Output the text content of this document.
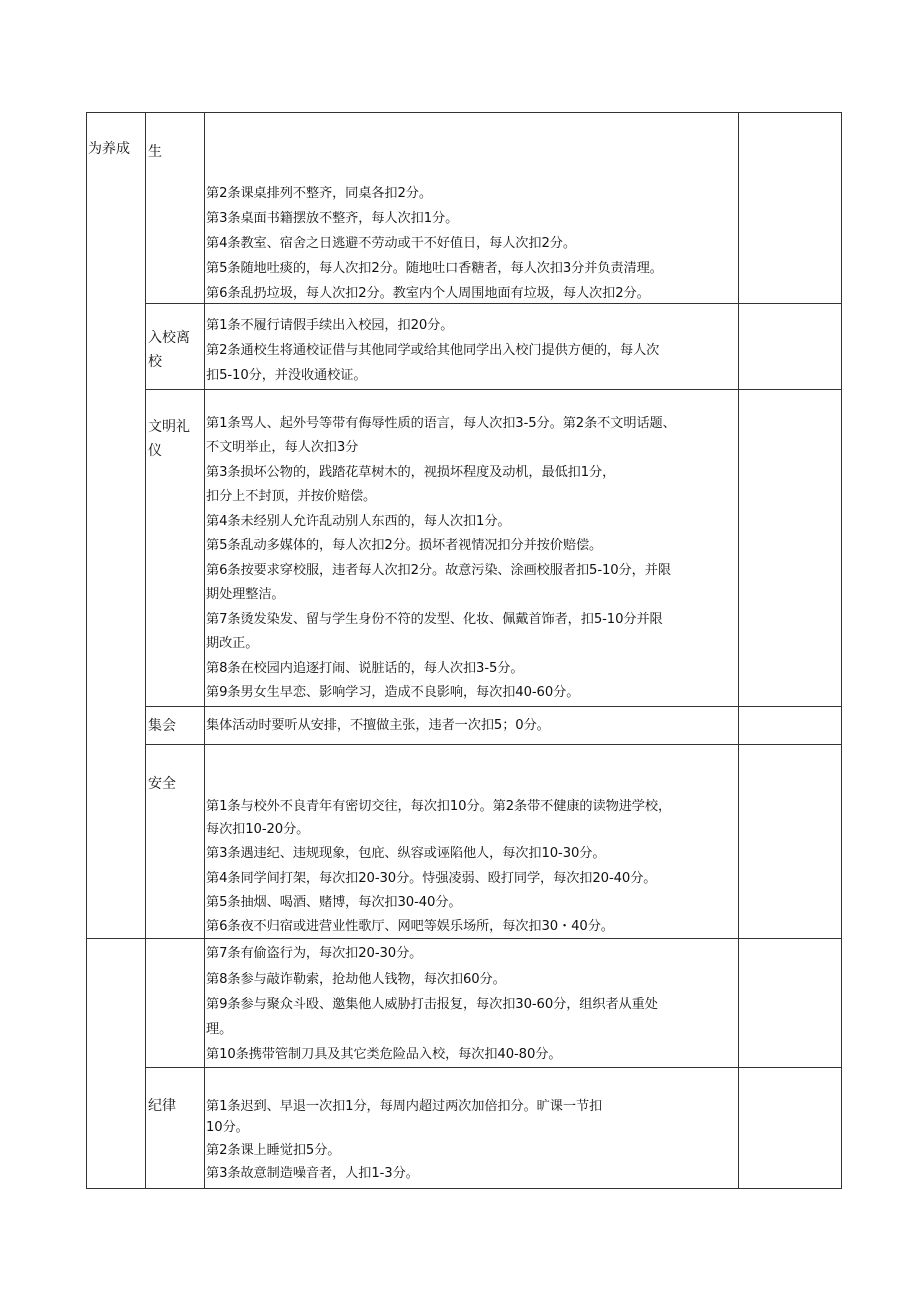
为养成 生
第2条课桌排列不整齐，同桌各扣2分。
第3条桌面书籍摆放不整齐，每人次扣1分。
第4条教室、宿舍之日逃避不劳动或干不好值日，每人次扣2分。
第5条随地吐痰的，每人次扣2分。随地吐口香糖者，每人次扣3分并负责清理。
第6条乱扔垃圾，每人次扣2分。教室内个人周围地面有垃圾，每人次扣2分。
入校离
校
第1条不履行请假手续出入校园，扣20分。
第2条通校生将通校证借与其他同学或给其他同学出入校门提供方便的，每人次
扣5-10分，并没收通校证。
文明礼
仪
第1条骂人、起外号等带有侮辱性质的语言，每人次扣3-5分。第2条不文明话题、
不文明举止，每人次扣3分
第3条损坏公物的，践踏花草树木的，视损坏程度及动机，最低扣1分，
扣分上不封顶，并按价赔偿。
第4条未经别人允许乱动别人东西的，每人次扣1分。
第5条乱动多媒体的，每人次扣2分。损坏者视情况扣分并按价赔偿。
第6条按要求穿校服，违者每人次扣2分。故意污染、涂画校服者扣5-10分，并限
期处理整洁。
第7条烫发染发、留与学生身份不符的发型、化妆、佩戴首饰者，扣5-10分并限
期改正。
第8条在校园内追逐打闹、说脏话的，每人次扣3-5分。
第9条男女生早恋、影响学习，造成不良影响，每次扣40-60分。
集会 集体活动时要听从安排，不擅做主张，违者一次扣5；0分。
安全
第1条与校外不良青年有密切交往，每次扣10分。第2条带不健康的读物进学校，
每次扣10-20分。
第3条遇违纪、违规现象，包庇、纵容或诬陷他人，每次扣10-30分。
第4条同学间打架，每次扣20-30分。恃强凌弱、殴打同学，每次扣20-40分。
第5条抽烟、喝酒、赌博，每次扣30-40分。
第6条夜不归宿或进营业性歌厅、网吧等娱乐场所，每次扣30・40分。
第7条有偷盗行为，每次扣20-30分。
第8条参与敲诈勒索，抢劫他人钱物，每次扣60分。
第9条参与聚众斗殴、邀集他人威胁打击报复，每次扣30-60分，组织者从重处
理。
第10条携带管制刀具及其它类危险品入校，每次扣40-80分。
纪律 第1条迟到、早退一次扣1分，每周内超过两次加倍扣分。旷课一节扣
10分。
第2条课上睡觉扣5分。
第3条故意制造噪音者，人扣1-3分。
